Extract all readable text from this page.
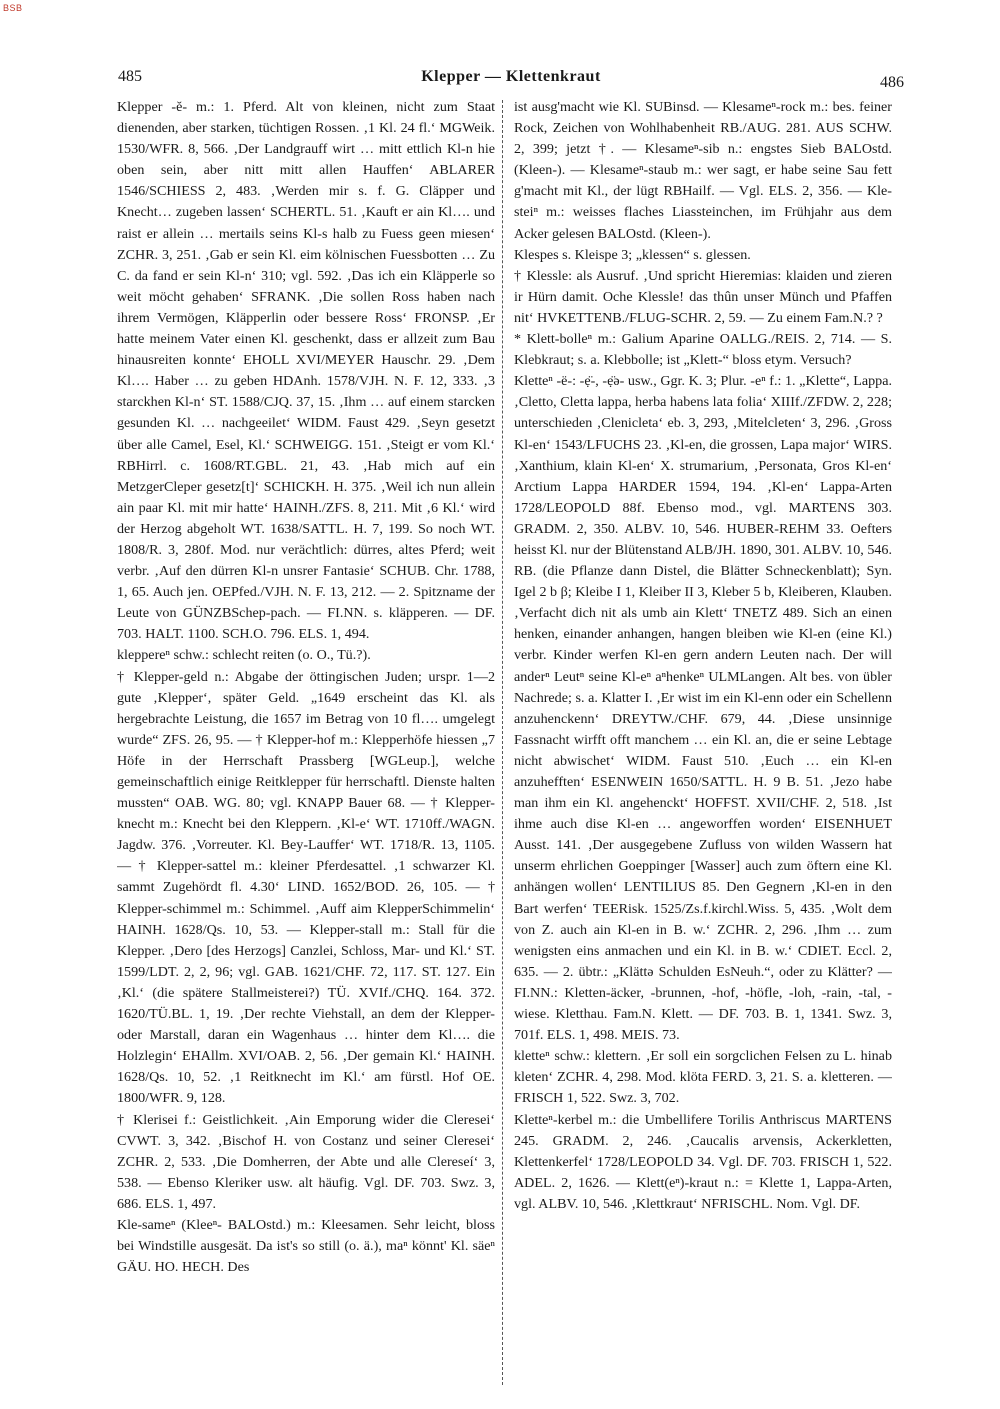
BSB
485	Klepper — Klettenkraut	486

Klepper -ĕ- m.: 1. Pferd. Alt von kleinen, nicht zum Staat dienenden, aber starken, tüchtigen Rossen. ‚1 Kl. 24 fl.‘ MGWeik. 1530/WFR. 8, 566. ‚Der Landgrauff wirt … mitt ettlich Kl-n hie oben sein, aber nitt mitt allen Hauffen‘ ABLARER 1546/SCHIESS 2, 483. ‚Werden mir s. f. G. Cläpper und Knecht… zugeben lassen‘ SCHERTL. 51. ‚Kauft er ain Kl…. und raist er allein … mertails seins Kl-s halb zu Fuess geen miesen‘ ZCHR. 3, 251. ‚Gab er sein Kl. eim kölnischen Fuessbotten … Zu C. da fand er sein Kl-n‘ 310; vgl. 592. ‚Das ich ein Kläpperle so weit möcht gehaben‘ SFRANK. ‚Die sollen Ross haben nach ihrem Vermögen, Kläpperlin oder bessere Ross‘ FRONSP. ‚Er hatte meinem Vater einen Kl. geschenkt, dass er allzeit zum Bau hinausreiten konnte‘ EHOLL XVI/MEYER Hauschr. 29. ‚Dem Kl…. Haber … zu geben HDAnh. 1578/VJH. N. F. 12, 333. ‚3 starckhen Kl-n‘ ST. 1588/CJQ. 37, 15. ‚Ihm … auf einem starcken gesunden Kl. … nachgeeilet‘ WIDM. Faust 429. ‚Seyn gesetzt über alle Camel, Esel, Kl.‘ SCHWEIGG. 151. ‚Steigt er vom Kl.‘ RBHirrl. c. 1608/RT.GBL. 21, 43. ‚Hab mich auf ein MetzgerCleper gesetz[t]‘ SCHICKH. H. 375. ‚Weil ich nun allein ain paar Kl. mit mir hatte‘ HAINH./ZFS. 8, 211. Mit ‚6 Kl.‘ wird der Herzog abgeholt WT. 1638/SATTL. H. 7, 199. So noch WT. 1808/R. 3, 280f. Mod. nur verächtlich: dürres, altes Pferd; weit verbr. ‚Auf den dürren Kl-n unsrer Fantasie‘ SCHUB. Chr. 1788, 1, 65. Auch jen. OEPfed./VJH. N. F. 13, 212. — 2. Spitzname der Leute von GÜNZBSchep-pach. — FI.NN. s. kläpperen. — DF. 703. HALT. 1100. SCH.O. 796. ELS. 1, 494.

kleppereⁿ schw.: schlecht reiten (o. O., Tü.?).

† Klepper-geld n.: Abgabe der öttingischen Juden; urspr. 1—2 gute ‚Klepper‘, später Geld. „1649 erscheint das Kl. als hergebrachte Leistung, die 1657 im Betrag von 10 fl…. umgelegt wurde“ ZFS. 26, 95. — † Klepper-hof m.: Klepperhöfe hiessen „7 Höfe in der Herrschaft Prassberg [WGLeup.], welche gemeinschaftlich einige Reitklepper für herrschaftl. Dienste halten mussten“ OAB. WG. 80; vgl. KNAPP Bauer 68. — † Klepper-knecht m.: Knecht bei den Kleppern. ‚Kl-e‘ WT. 1710ff./WAGN. Jagdw. 376. ‚Vorreuter. Kl. Bey-Lauffer‘ WT. 1718/R. 13, 1105. — † Klepper-sattel m.: kleiner Pferdesattel. ‚1 schwarzer Kl. sammt Zugehördt fl. 4.30‘ LIND. 1652/BOD. 26, 105. — † Klepper-schimmel m.: Schimmel. ‚Auff aim KlepperSchimmelin‘ HAINH. 1628/Qs. 10, 53. — Klepper-stall m.: Stall für die Klepper. ‚Dero [des Herzogs] Canzlei, Schloss, Mar- und Kl.‘ ST. 1599/LDT. 2, 2, 96; vgl. GAB. 1621/CHF. 72, 117. ST. 127. Ein ‚Kl.‘ (die spätere Stallmeisterei?) TÜ. XVIf./CHQ. 164. 372. 1620/TÜ.BL. 1, 19. ‚Der rechte Viehstall, an dem der Klepper- oder Marstall, daran ein Wagenhaus … hinter dem Kl…. die Holzlegin‘ EHAllm. XVI/OAB. 2, 56. ‚Der gemain Kl.‘ HAINH. 1628/Qs. 10, 52. ‚1 Reitknecht im Kl.‘ am fürstl. Hof OE. 1800/WFR. 9, 128.

† Klerisei f.: Geistlichkeit. ‚Ain Emporung wider die Cleresei‘ CVWT. 3, 342. ‚Bischof H. von Costanz und seiner Cleresei‘ ZCHR. 2, 533. ‚Die Domherren, der Abte und alle Clereseí‘ 3, 538. — Ebenso Kleriker usw. alt häufig. Vgl. DF. 703. Swz. 3, 686. ELS. 1, 497.

Kle-sameⁿ (Kleeⁿ- BALOstd.) m.: Kleesamen. Sehr leicht, bloss bei Windstille ausgesät. Da ist's so still (o. ä.), maⁿ könnt' Kl. säeⁿ GÄU. HO. HECH. Des

ist ausg'macht wie Kl. SUBinsd. — Klesameⁿ-rock m.: bes. feiner Rock, Zeichen von Wohlhabenheit RB./AUG. 281. AUS SCHW. 2, 399; jetzt †. — Klesameⁿ-sib n.: engstes Sieb BALOstd. (Kleen-). — Klesameⁿ-staub m.: wer sagt, er habe seine Sau fett g'macht mit Kl., der lügt RBHailf. — Vgl. ELS. 2, 356. — Kle-steiⁿ m.: weisses flaches Liassteinchen, im Frühjahr aus dem Acker gelesen BALOstd. (Kleen-).

Klespes s. Kleispe 3; „klessen“ s. glessen.

† Klessle: als Ausruf. ‚Und spricht Hieremias: klaiden und zieren ir Hürn damit. Oche Klessle! das thûn unser Münch und Pfaffen nit‘ HVKETTENB./FLUG-SCHR. 2, 59. — Zu einem Fam.N.? ?

* Klett-bolleⁿ m.: Galium Aparine OALLG./REIS. 2, 714. — S. Klebkraut; s. a. Klebbolle; ist „Klett-“ bloss etym. Versuch?

Kletteⁿ -ë-: -ẹ̈-, -ẹ̈ə- usw., Ggr. K. 3; Plur. -eⁿ f.: 1. „Klette“, Lappa. ‚Cletto, Cletta lappa, herba habens lata folia‘ XIIIf./ZFDW. 2, 228; unterschieden ‚Clenicleta‘ eb. 3, 293, ‚Mitelcleten‘ 3, 296. ‚Gross Kl-en‘ 1543/LFUCHS 23. ‚Kl-en, die grossen, Lapa major‘ WIRS. ‚Xanthium, klain Kl-en‘ X. strumarium, ‚Personata, Gros Kl-en‘ Arctium Lappa HARDER 1594, 194. ‚Kl-en‘ Lappa-Arten 1728/LEOPOLD 88f. Ebenso mod., vgl. MARTENS 303. GRADM. 2, 350. ALBV. 10, 546. HUBER-REHM 33. Oefters heisst Kl. nur der Blütenstand ALB/JH. 1890, 301. ALBV. 10, 546. RB. (die Pflanze dann Distel, die Blätter Schneckenblatt); Syn. Igel 2 b β; Kleibe I 1, Kleiber II 3, Kleber 5 b, Kleiberen, Klauben. ‚Verfacht dich nit als umb ain Klett‘ TNETZ 489. Sich an einen henken, einander anhangen, hangen bleiben wie Kl-en (eine Kl.) verbr. Kinder werfen Kl-en gern andern Leuten nach. Der will anderⁿ Leutⁿ seine Kl-eⁿ aⁿhenkeⁿ ULMLangen. Alt bes. von übler Nachrede; s. a. Klatter I. ‚Er wist im ein Kl-enn oder ein Schellenn anzuhenckenn‘ DREYTW./CHF. 679, 44. ‚Diese unsinnige Fassnacht wirfft offt manchem … ein Kl. an, die er seine Lebtage nicht abwischet‘ WIDM. Faust 510. ‚Euch … ein Kl-en anzuhefften‘ ESENWEIN 1650/SATTL. H. 9 B. 51. ‚Jezo habe man ihm ein Kl. angehenckt‘ HOFFST. XVII/CHF. 2, 518. ‚Ist ihme auch dise Kl-en … angeworffen worden‘ EISENHUET Ausst. 141. ‚Der ausgegebene Zufluss von wilden Wassern hat unserm ehrlichen Goeppinger [Wasser] auch zum öftern eine Kl. anhängen wollen‘ LENTILIUS 85. Den Gegnern ‚Kl-en in den Bart werfen‘ TEERisk. 1525/Zs.f.kirchl.Wiss. 5, 435. ‚Wolt dem von Z. auch ain Kl-en in B. w.‘ ZCHR. 2, 296. ‚Ihm … zum wenigsten eins anmachen und ein Kl. in B. w.‘ CDIET. Eccl. 2, 635. — 2. übtr.: „Klättə Schulden EsNeuh.“, oder zu Klätter? — FI.NN.: Kletten-äcker, -brunnen, -hof, -höfle, -loh, -rain, -tal, -wiese. Kletthau. Fam.N. Klett. — DF. 703. B. 1, 1341. Swz. 3, 701f. ELS. 1, 498. MEIS. 73.

kletteⁿ schw.: klettern. ‚Er soll ein sorgclichen Felsen zu L. hinab kleten‘ ZCHR. 4, 298. Mod. klöta FERD. 3, 21. S. a. kletteren. — FRISCH 1, 522. Swz. 3, 702.

Kletteⁿ-kerbel m.: die Umbellifere Torilis Anthriscus MARTENS 245. GRADM. 2, 246. ‚Caucalis arvensis, Ackerkletten, Klettenkerfel‘ 1728/LEOPOLD 34. Vgl. DF. 703. FRISCH 1, 522. ADEL. 2, 1626. — Klett(eⁿ)-kraut n.: = Klette 1, Lappa-Arten, vgl. ALBV. 10, 546. ‚Klettkraut‘ NFRISCHL. Nom. Vgl. DF.
